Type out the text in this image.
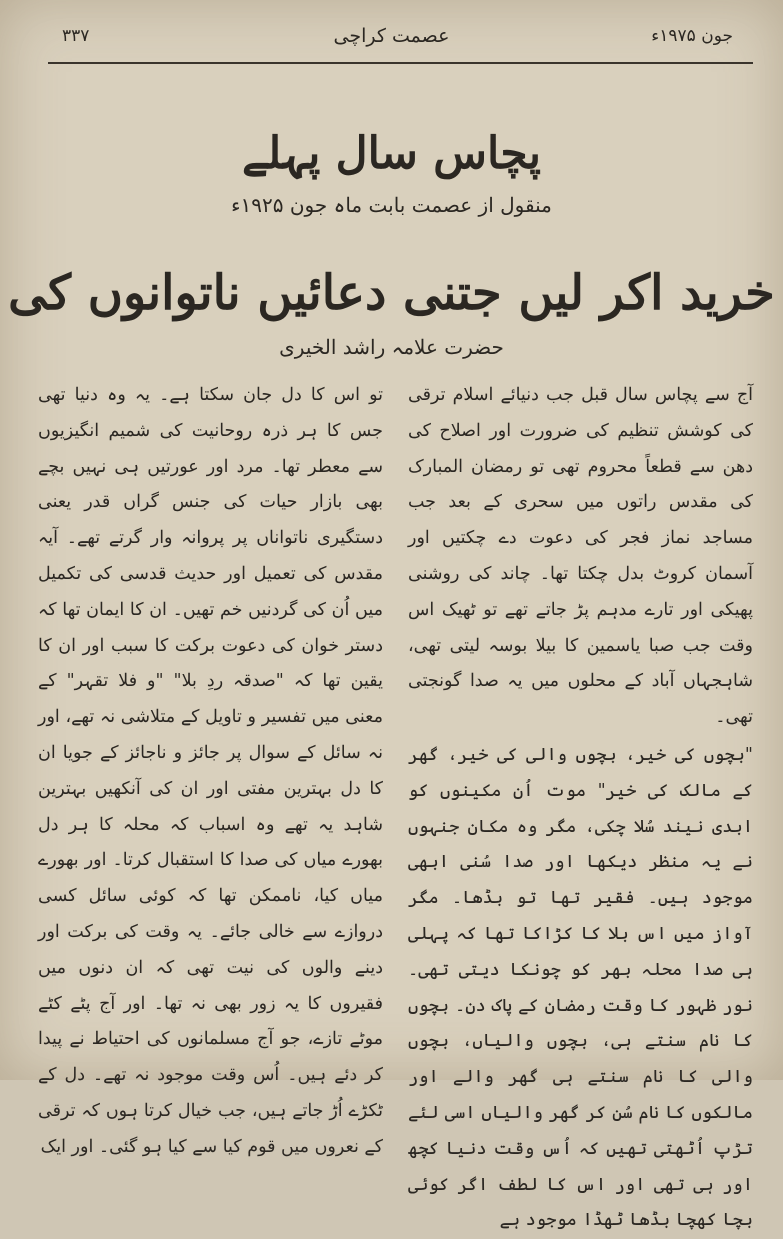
۳۳۷	عصمت کراچی	جون ۱۹۷۵ء
پچاس سال پہلے
منقول از عصمت بابت ماہ جون ۱۹۲۵ء
خرید اکر لیں جتنی دعائیں ناتوانوں کی
حضرت علامہ راشد الخیری

آج سے پچاس سال قبل جب دنیائے اسلام ترقی کی کوشش تنظیم کی ضرورت اور اصلاح کی دھن سے قطعاً محروم تھی تو رمضان المبارک کی مقدس راتوں میں سحری کے بعد جب مساجد نماز فجر کی دعوت دے چکتیں اور آسمان کروٹ بدل چکتا تھا۔ چاند کی روشنی پھیکی اور تارے مدہم پڑ جاتے تھے تو ٹھیک اس وقت جب صبا یاسمین کا بیلا بوسہ لیتی تھی، شاہجہاں آباد کے محلوں میں یہ صدا گونجتی تھی۔

"بچوں کی خیر، بچوں والی کی خیر، گھر کے مالک کی خیر" موت اُن مکینوں کو ابدی نیند سُلا چکی، مگر وہ مکان جنہوں نے یہ منظر دیکھا اور صدا سُنی ابھی موجود ہیں۔ فقیر تھا تو بڈھا۔ مگر آواز میں اس بلا کا کڑاکا تھا کہ پہلی ہی صدا محلہ بھر کو چونکا دیتی تھی۔ نور ظہور کا وقت رمضان کے پاک دن۔ بچوں کا نام سنتے ہی، بچوں والیاں، بچوں والی کا نام سنتے ہی گھر والے اور مالکوں کا نام سُن کر گھر والیاں اسی لئے تڑپ اُٹھتی تھیں کہ اُس وقت دنیا کچھ اور ہی تھی اور اس کا لطف اگر کوئی بچا کھچا بڈھا ٹھڈا موجود ہے

تو اس کا دل جان سکتا ہے۔ یہ وہ دنیا تھی جس کا ہر ذرہ روحانیت کی شمیم انگیزیوں سے معطر تھا۔ مرد اور عورتیں ہی نہیں بچے بھی بازار حیات کی جنس گراں قدر یعنی دستگیری ناتواناں پر پروانہ وار گرتے تھے۔ آیہ مقدس کی تعمیل اور حدیث قدسی کی تکمیل میں اُن کی گردنیں خم تھیں۔ ان کا ایمان تھا کہ دستر خوان کی دعوت برکت کا سبب اور ان کا یقین تھا کہ "صدقہ ردِ بلا" "و فلا تقہر" کے معنی میں تفسیر و تاویل کے متلاشی نہ تھے، اور نہ سائل کے سوال پر جائز و ناجائز کے جویا ان کا دل بہترین مفتی اور ان کی آنکھیں بہترین شاہد یہ تھے وہ اسباب کہ محلہ کا ہر دل بھورے میاں کی صدا کا استقبال کرتا۔ اور بھورے میاں کیا، ناممکن تھا کہ کوئی سائل کسی دروازے سے خالی جائے۔ یہ وقت کی برکت اور دینے والوں کی نیت تھی کہ ان دنوں میں فقیروں کا یہ زور بھی نہ تھا۔ اور آج پٹے کٹے موٹے تازے، جو آج مسلمانوں کی احتیاط نے پیدا کر دئے ہیں۔ اُس وقت موجود نہ تھے۔ دل کے ٹکڑے اُڑ جاتے ہیں، جب خیال کرتا ہوں کہ ترقی کے نعروں میں قوم کیا سے کیا ہو گئی۔ اور ایک
